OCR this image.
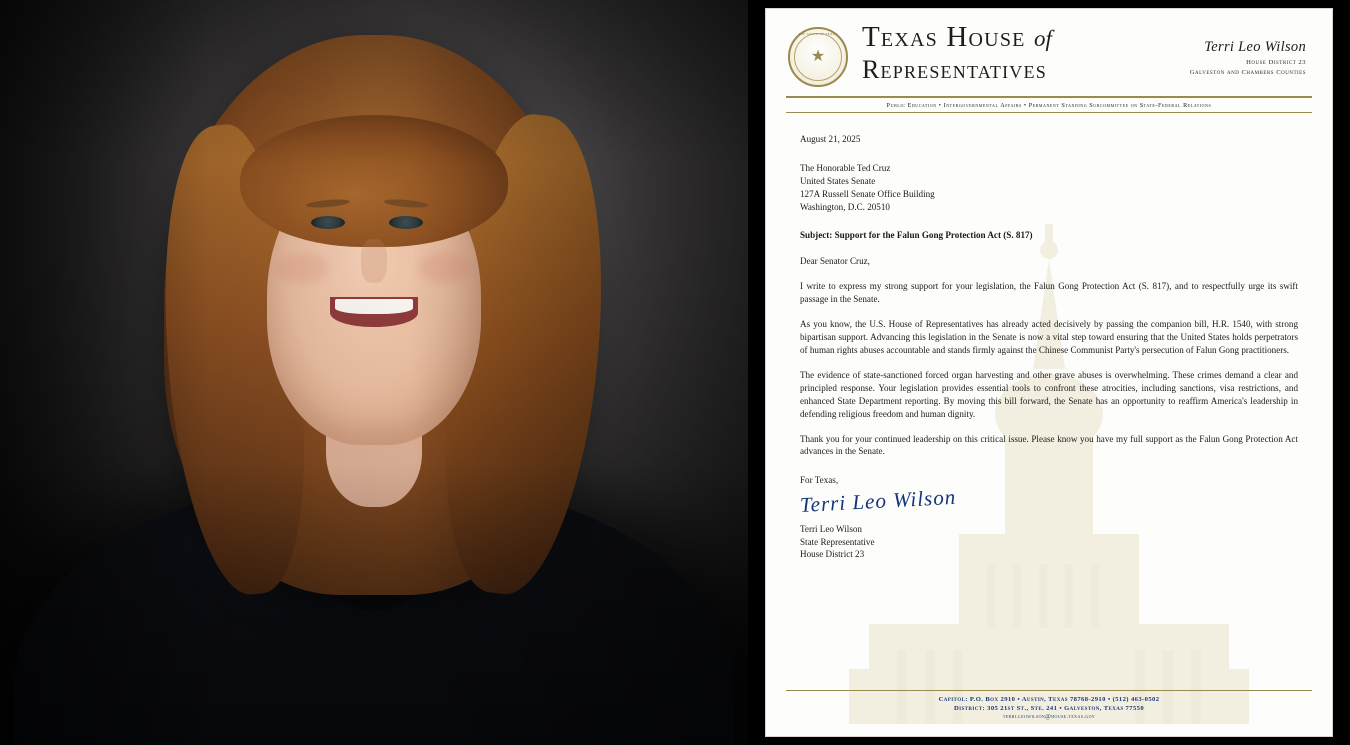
THE STATE OF TEXAS
★
Texas House of
Representatives
Terri Leo Wilson
House District 23
Galveston and Chambers Counties
Public Education • Intergovernmental Affairs • Permanent Standing Subcommittee on State-Federal Relations
August 21, 2025
The Honorable Ted Cruz
United States Senate
127A Russell Senate Office Building
Washington, D.C. 20510
Subject: Support for the Falun Gong Protection Act (S. 817)
Dear Senator Cruz,

I write to express my strong support for your legislation, the Falun Gong Protection Act (S. 817), and to respectfully urge its swift passage in the Senate.

As you know, the U.S. House of Representatives has already acted decisively by passing the companion bill, H.R. 1540, with strong bipartisan support. Advancing this legislation in the Senate is now a vital step toward ensuring that the United States holds perpetrators of human rights abuses accountable and stands firmly against the Chinese Communist Party's persecution of Falun Gong practitioners.

The evidence of state-sanctioned forced organ harvesting and other grave abuses is overwhelming. These crimes demand a clear and principled response. Your legislation provides essential tools to confront these atrocities, including sanctions, visa restrictions, and enhanced State Department reporting. By moving this bill forward, the Senate has an opportunity to reaffirm America's leadership in defending religious freedom and human dignity.

Thank you for your continued leadership on this critical issue. Please know you have my full support as the Falun Gong Protection Act advances in the Senate.

For Texas,
Terri Leo Wilson
Terri Leo Wilson
State Representative
House District 23
Capitol: P.O. Box 2910 • Austin, Texas 78768-2910 • (512) 463-0502
District: 305 21st St., Ste. 241 • Galveston, Texas 77550
terri.leowilson@house.texas.gov
